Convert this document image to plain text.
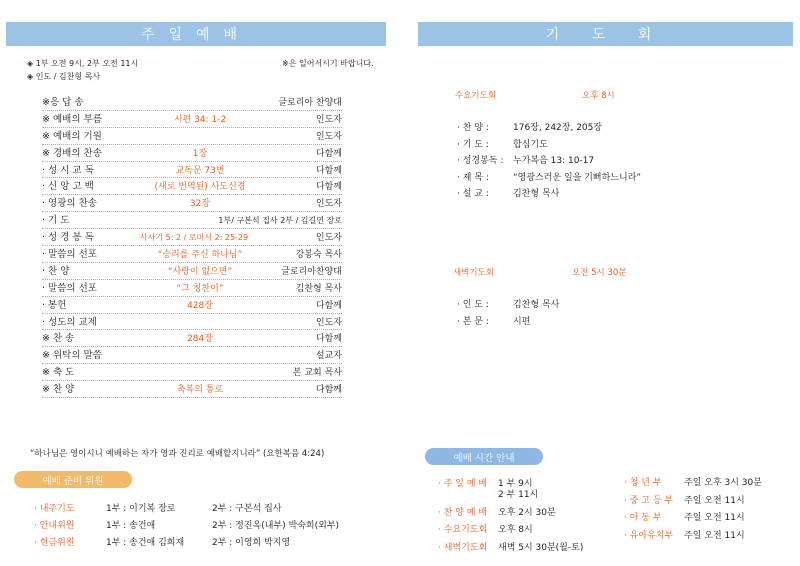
주일예배
◈ 1부 오전 9시, 2부 오전 11시	※은 일어서시기 바랍니다.
◈ 인도 / 김찬형 목사
※응 답 송	글로리아 찬양대
※ 예배의 부름	시편 34: 1-2	인도자
※ 예배의 기원	인도자
※ 경배의 찬송	1장	다함께
· 성 시 교 독	교독문 73번	다함께
· 신 앙 고 백	(새로 번역된) 사도신경	다함께
· 영광의 찬송	32장	인도자
· 기 도	1부/ 구본석 집사 2부 / 김길연 장로
· 성 경 봉 독	사사기 5: 2 / 로마서 2: 25-29	인도자
· 말씀의 선포	“승리를 주신 하나님”	강봉숙 목사
· 찬 양	“사랑이 없으면”	글로리아찬양대
· 말씀의 선포	“그 칭찬이”	김찬형 목사
· 봉헌	428장	다함께
· 성도의 교제	인도자
※ 찬 송	284장	다함께
※ 위탁의 말씀	설교자
※ 축 도	본 교회 목사
※ 찬 양	축복의 통로	다함께
“하나님은 영이시니 예배하는 자가 영과 진리로 예배할지니라” (요한복음 4:24)
예배 준비 위원
· 내주기도	1부 : 이기복 장로	2부 : 구본석 집사
· 안내위원	1부 : 송건애	2부 : 정진옥(내부) 박숙희(외부)
· 헌금위원	1부 : 송건애 김희재	2부 : 이영희 박지영
기 도 회
수요기도회	오후 8시
· 찬 양 :	176장, 242장, 205장
· 기 도 :	합심기도
· 성경봉독 : 누가복음 13: 10-17
· 제 목 :	“영광스러운 일을 기뻐하느니라”
· 설 교 :	김찬형 목사
새벽기도회	오전 5시 30분
· 인 도 :	김찬형 목사
· 본 문 :	시편
예배 시간 안내
· 주 일 예 배 1 부 9시
2 부 11시
· 찬 양 예 배 오후 2시 30분
· 수요기도회 오후 8시
· 새벽기도회 새벽 5시 30분(월-토)
· 청 년 부 주일 오후 3시 30분
· 중 고 등 부 주일 오전 11시
· 아 동 부 주일 오전 11시
· 유아유치부 주일 오전 11시
